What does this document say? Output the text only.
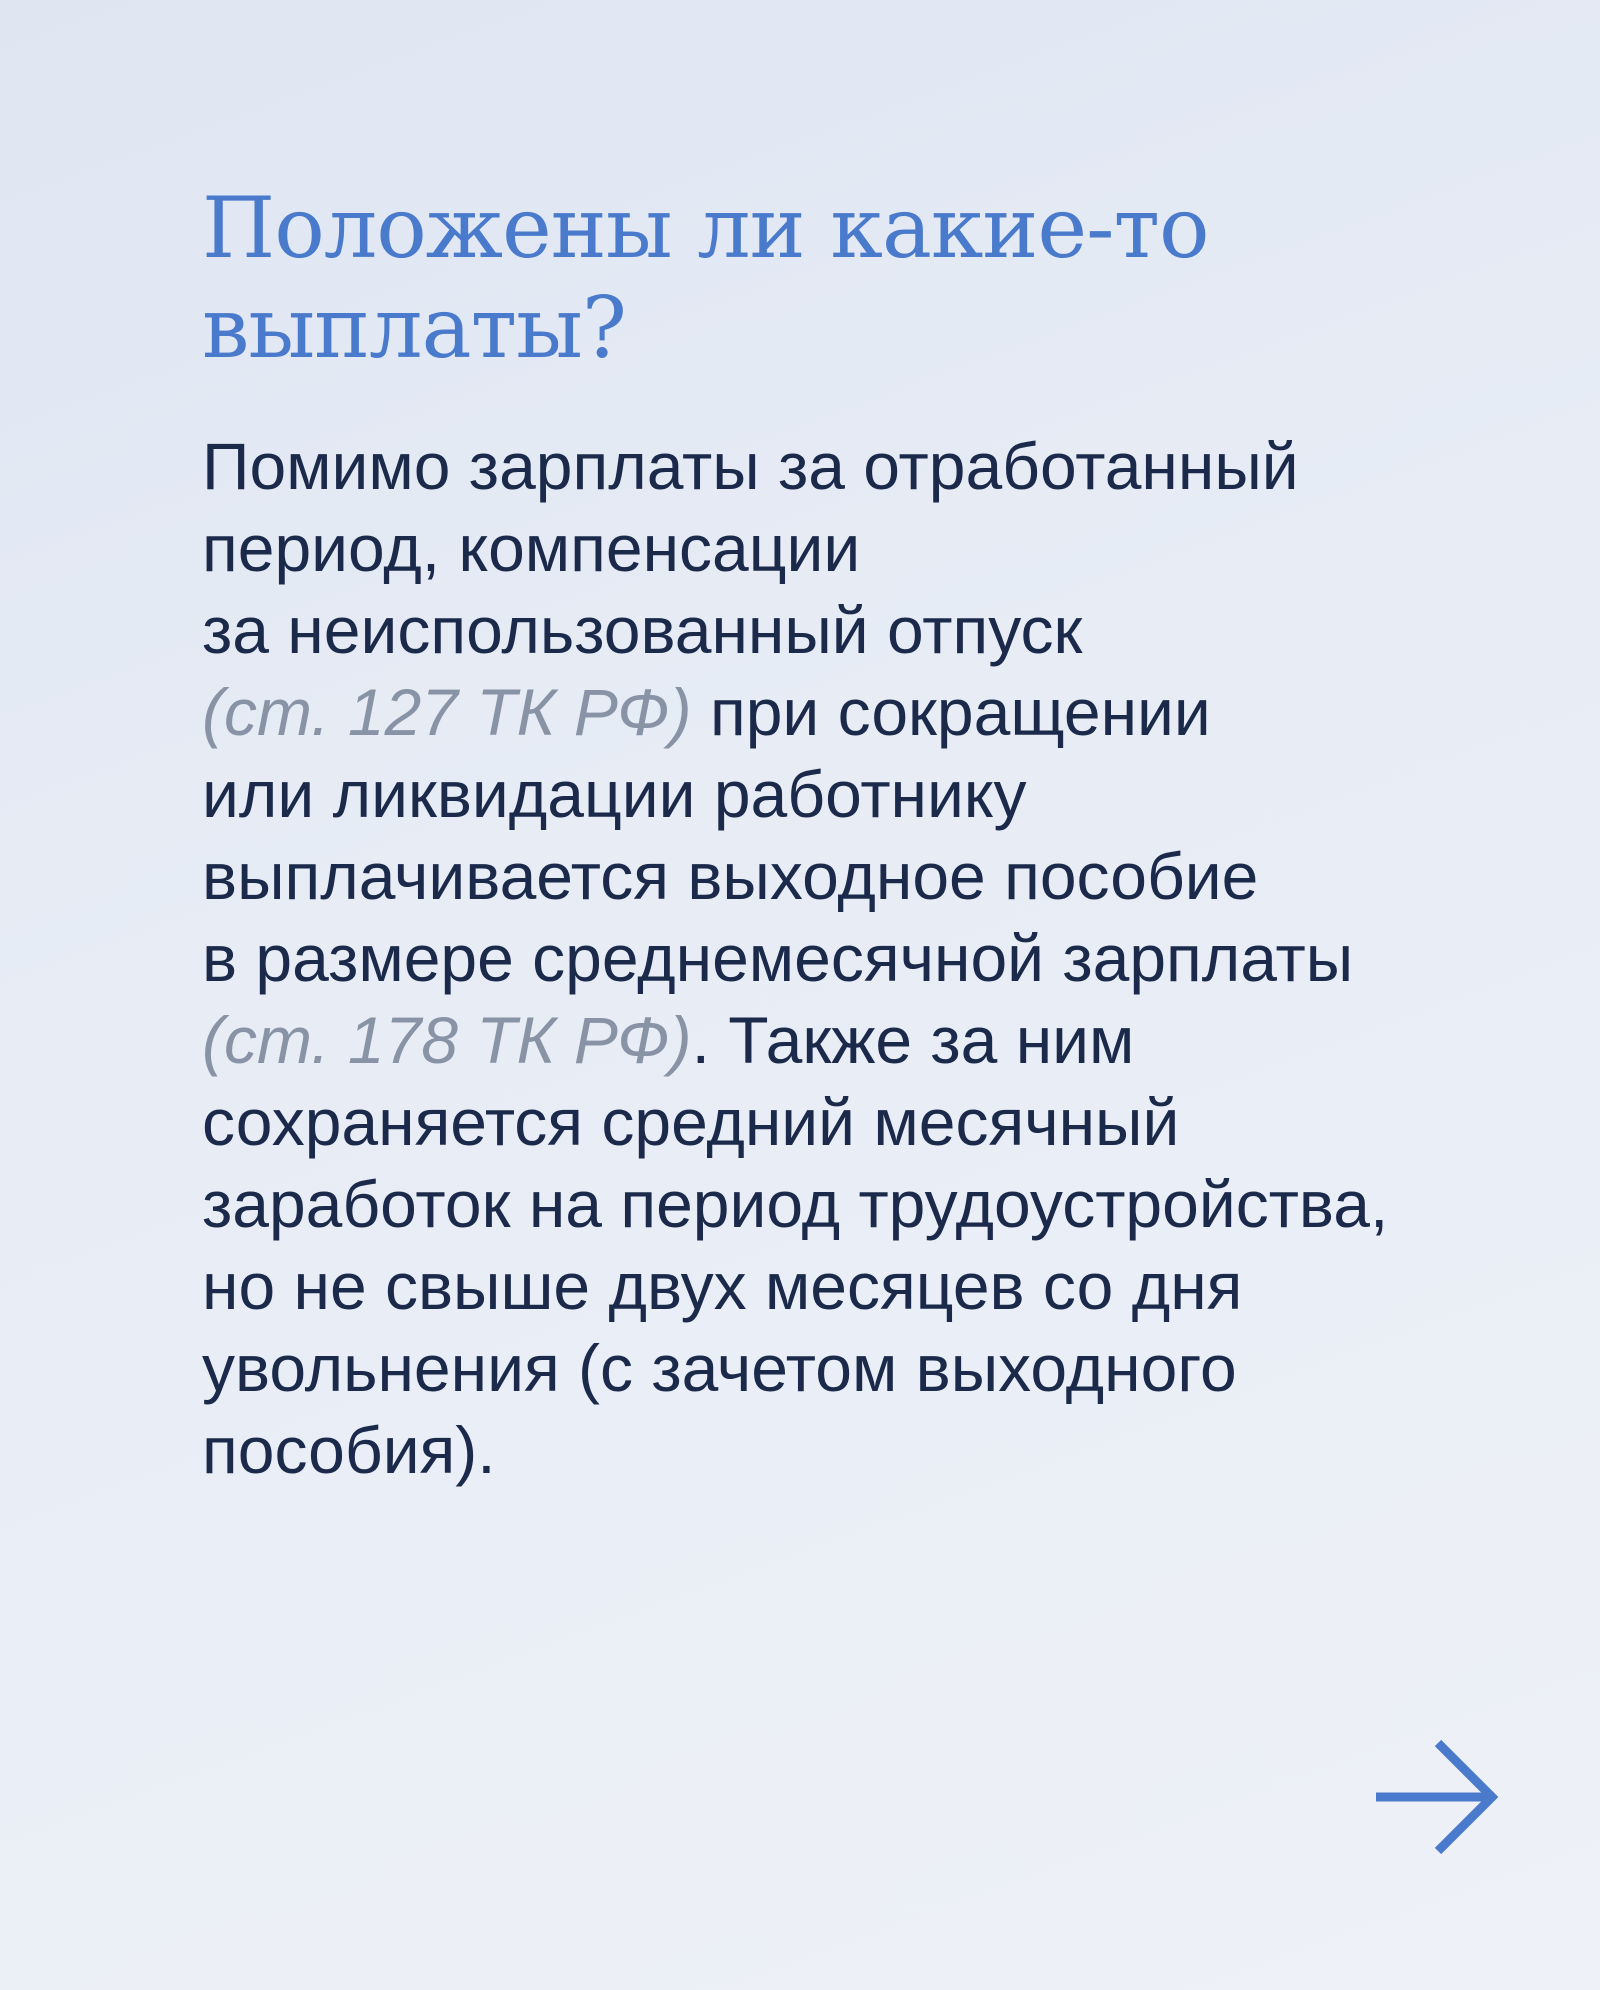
Положены ли какие-то
выплаты?

Помимо зарплаты за отработанный
период, компенсации
за неиспользованный отпуск
(ст. 127 ТК РФ) при сокращении
или ликвидации работнику
выплачивается выходное пособие
в размере среднемесячной зарплаты
(ст. 178 ТК РФ). Также за ним
сохраняется средний месячный
заработок на период трудоустройства,
но не свыше двух месяцев со дня
увольнения (с зачетом выходного
пособия).
